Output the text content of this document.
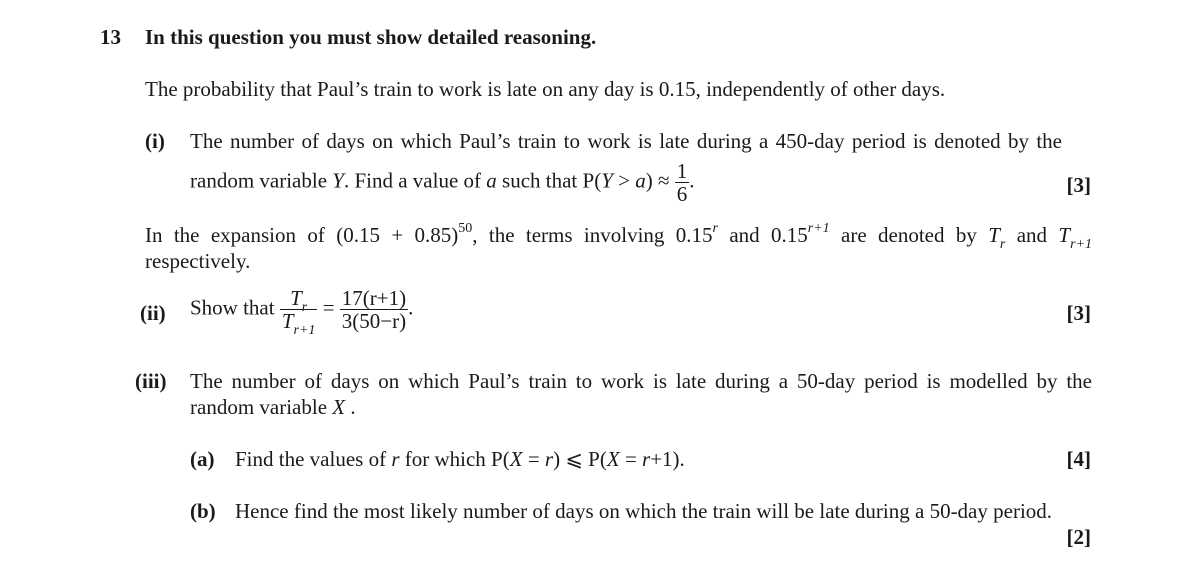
13 In this question you must show detailed reasoning.
The probability that Paul’s train to work is late on any day is 0.15, independently of other days.
(i) The number of days on which Paul’s train to work is late during a 450-day period is denoted by the
random variable Y. Find a value of a such that $P(Y > a) \approx \frac{1}{6}$ .	[3]
In the expansion of $(0.15 + 0.85)^{50}$, the terms involving 0.15$^r$ and $0.15^{r+1}$ are denoted by $T_r$ and $T_{r+1}$
respectively.
(ii) Show that $\frac{T_r}{T_{r+1}} = \frac{17(r+1)}{3(50-r)}$ .	[3]
(iii) The number of days on which Paul’s train to work is late during a 50-day period is modelled by the
random variable X .
(a) Find the values of r for which P(X = r) ⩽ P(X = r+1).	[4]
(b) Hence find the most likely number of days on which the train will be late during a 50-day period.
[2]
